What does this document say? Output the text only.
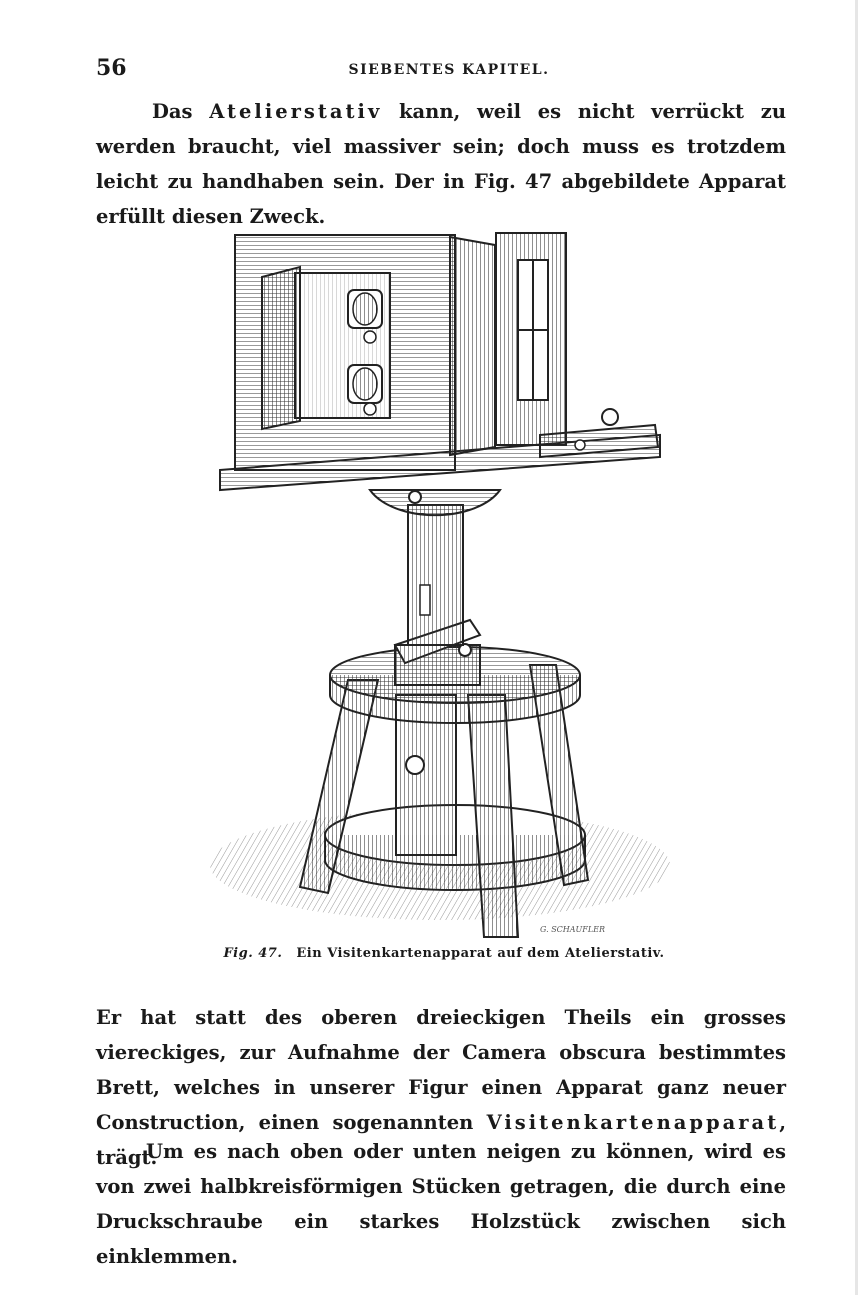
56	SIEBENTES KAPITEL.

Das Atelierstativ kann, weil es nicht verrückt zu werden braucht, viel massiver sein; doch muss es trotzdem leicht zu handhaben sein. Der in Fig. 47 abgebildete Apparat erfüllt diesen Zweck.

G. SCHAUFLER
Fig. 47. Ein Visitenkartenapparat auf dem Atelierstativ.

Er hat statt des oberen dreieckigen Theils ein grosses viereckiges, zur Aufnahme der Camera obscura bestimmtes Brett, welches in unserer Figur einen Apparat ganz neuer Construction, einen sogenannten Visitenkartenapparat, trägt.

Um es nach oben oder unten neigen zu können, wird es von zwei halbkreisförmigen Stücken getragen, die durch eine Druckschraube ein starkes Holzstück zwischen sich einklemmen.
